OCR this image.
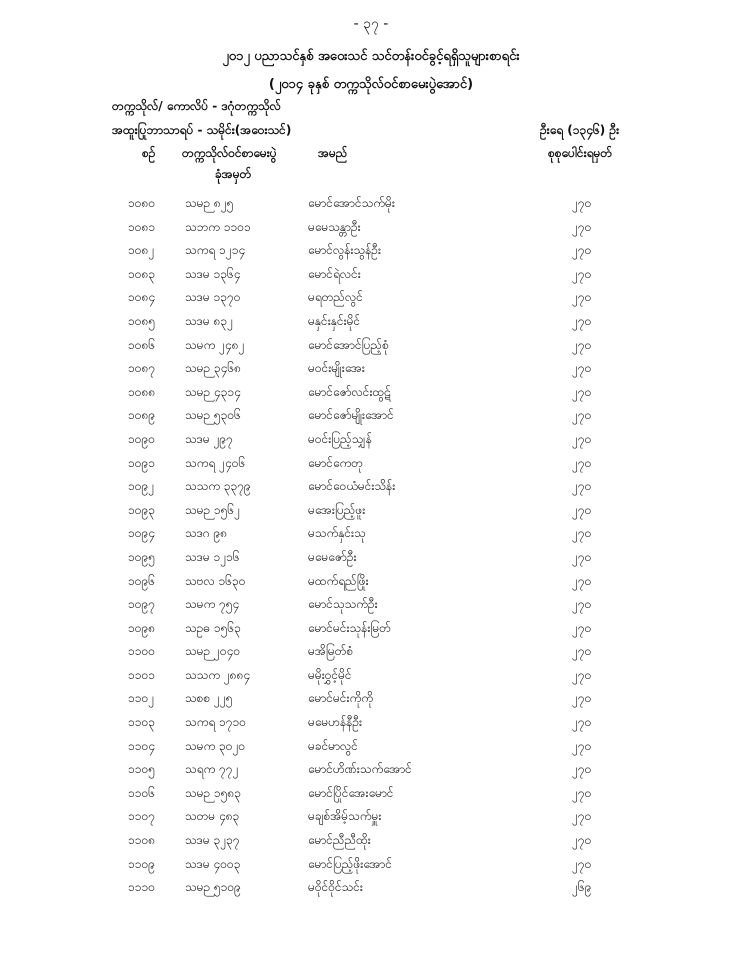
- ၃၇ -
၂၀၁၂ ပညာသင်နှစ် အဝေးသင် သင်တန်းဝင်ခွင့်ရရှိသူများစာရင်း
(၂၀၁၄ ခုနှစ် တက္ကသိုလ်ဝင်စာမေးပွဲအောင်)
တက္ကသိုလ်/ ကောလိပ် - ဒဂုံတက္ကသိုလ်
အထူးပြုဘာသာရပ် - သမိုင်း(အဝေးသင်)	ဦးရေ (၁၃၄၆) ဦး
စဉ် တက္ကသိုလ်ဝင်စာမေးပွဲ
ခုံအမှတ်
အမည်	စုစုပေါင်းရမှတ်
၁၀၈၀ သမဉ ၈၂၅	မောင်အောင်သက်မိုး	၂၇၀
၁၀၈၁ သဘက ၁၁၀၁	မမေသန္တာဦး	၂၇၀
၁၀၈၂	သကရ ၁၂၁၄	မောင်လွန်းသွန်ဦး	၂၇၀
၁၀၈၃ သဒမ ၁၃၆၄	မောင်ရဲလင်း	၂၇၀
၁၀၈၄ သဒမ ၁၃၇၀	မရတည်လွင်	၂၇၀
၁၀၈၅ သဒမ ၈၃၂	မနှင်းနှင်းမိုင်	၂၇၀
၁၀၈၆ သမက ၂၄၈၂	မောင်အောင်ပြည့်စုံ	၂၇၀
၁၀၈၇ သမဉ ၃၄၆၈	မဝင်းမျိုးအေး	၂၇၀
၁၀၈၈ သမဉ ၄၃၁၄	မောင်ဇော်လင်းထွဋ်	၂၇၀
၁၀၈၉ သမဉ ၅၃၀၆	မောင်ဇော်မျိုးအောင်	၂၇၀
၁၀၉၀	သဒမ ၂၉၇	မဝင်းပြည့်သျှန်	၂၇၀
၁၀၉၁	သကရ ၂၄၀၆	မောင်ကေတု	၂၇၀
၁၀၉၂	သသက ၃၃၇၉	မောင်ဝေယံမင်းသိန်း	၂၇၀
၁၀၉၃	သမဉ ၁၅၆၂	မအေးပြည့်ဖူး	၂၇၀
၁၀၉၄	သဒဂ ၉၈	မသက်နှင်းသု	၂၇၀
၁၀၉၅	သဒမ ၁၂၁၆	မမေဇော်ဦး	၂၇၀
၁၀၉၆	သဗလ ၁၆၃၀	မထက်ရည်ဖြိုး	၂၇၀
၁၀၉၇	သမက ၇၅၄	မောင်သုသက်ဦး	၂၇၀
၁၀၉၈ သဥဓ ၁၅၆၃	မောင်မင်းသုန်းမြတ်	၂၇၀
၁၁၀၀	သမဉ ၂၀၄၀	မအိမြတ်စံ	၂၇၀
၁၁၀၁	သသက ၂၈၈၄	မမိုးဝွှင့်မိုင်	၂၇၀
၁၁၀၂	သစစ ၂၂၅	မောင်မင်းကိုကို	၂၇၀
၁၁၀၃	သကရ ၁၇၁၀	မမေဟန်နီဦး	၂၇၀
၁၁၀၄	သမက ၃၀၂၀	မခင်မာလွင်	၂၇၀
၁၁၀၅	သရက ၇၇၂	မောင်ဟိဏ်းသက်အောင်	၂၇၀
၁၁၀၆	သမဉ ၁၅၈၃	မောင်ပြိုင်အေးမောင်	၂၇၀
၁၁၀၇	သတမ ၄၈၃	မချစ်အိမ့်သက်မှူး	၂၇၀
၁၁၀၈ သဒမ ၃၂၃၇	မောင်ညီညီထိုး	၂၇၀
၁၁၀၉	သဒမ ၄၀၀၃	မောင်ပြည့်ဖိုးအောင်	၂၇၀
၁၁၁၀	သမဉ ၅၁၀၉	မဝိုင်ဝိုင်သင်း	၂၆၉
